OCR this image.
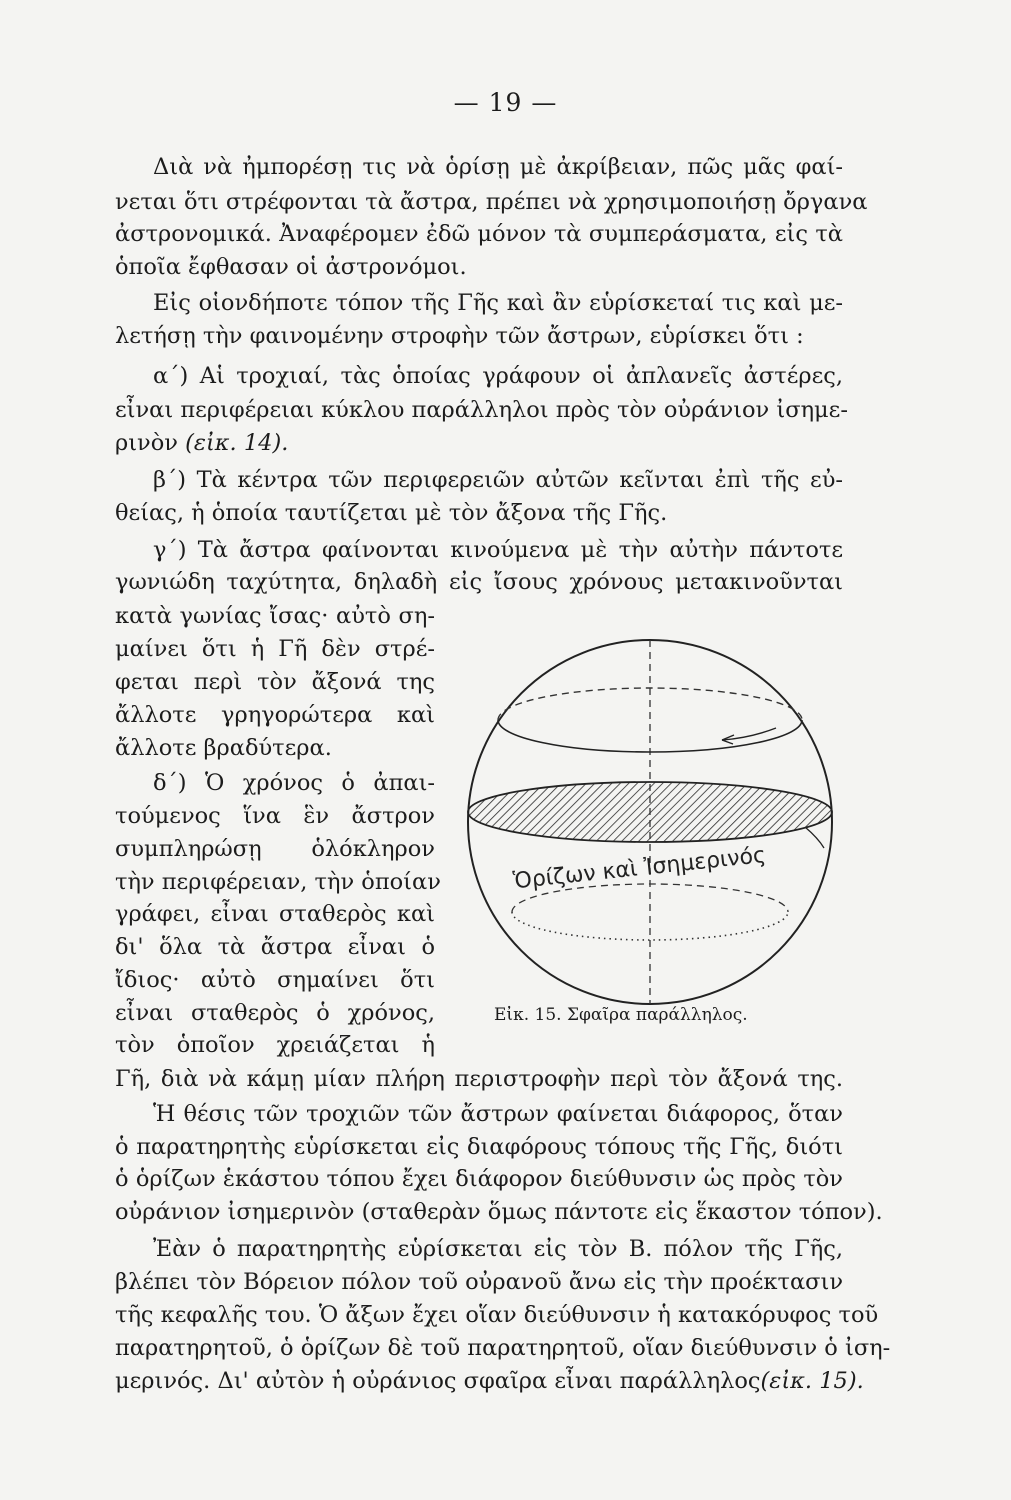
— 19 —
Διὰ νὰ ἠμπορέσῃ τις νὰ ὁρίσῃ μὲ ἀκρίβειαν, πῶς μᾶς φαί-
νεται ὅτι στρέφονται τὰ ἄστρα, πρέπει νὰ χρησιμοποιήσῃ ὄργανα
ἀστρονομικά. Ἀναφέρομεν ἐδῶ μόνον τὰ συμπεράσματα, εἰς τὰ
ὁποῖα ἔφθασαν οἱ ἀστρονόμοι.
Εἰς οἱονδήποτε τόπον τῆς Γῆς καὶ ἂν εὑρίσκεταί τις καὶ με-
λετήσῃ τὴν φαινομένην στροφὴν τῶν ἄστρων, εὑρίσκει ὅτι :
α΄) Αἱ τροχιαί, τὰς ὁποίας γράφουν οἱ ἀπλανεῖς ἀστέρες,
εἶναι περιφέρειαι κύκλου παράλληλοι πρὸς τὸν οὐράνιον ἰσημε-
ρινὸν (εἰκ. 14).
β΄) Τὰ κέντρα τῶν περιφερειῶν αὐτῶν κεῖνται ἐπὶ τῆς εὐ-
θείας, ἡ ὁποία ταυτίζεται μὲ τὸν ἄξονα τῆς Γῆς.
γ΄) Τὰ ἄστρα φαίνονται κινούμενα μὲ τὴν αὐτὴν πάντοτε
γωνιώδη ταχύτητα, δηλαδὴ εἰς ἴσους χρόνους μετακινοῦνται
κατὰ γωνίας ἴσας· αὐτὸ ση-
μαίνει ὅτι ἡ Γῆ δὲν στρέ-
φεται περὶ τὸν ἄξονά της
ἄλλοτε γρηγορώτερα καὶ
ἄλλοτε βραδύτερα.
δ΄) Ὁ χρόνος ὁ ἀπαι-
τούμενος ἵνα ἓν ἄστρον
συμπληρώσῃ ὁλόκληρον
τὴν περιφέρειαν, τὴν ὁποίαν
γράφει, εἶναι σταθερὸς καὶ
δι' ὅλα τὰ ἄστρα εἶναι ὁ
ἴδιος· αὐτὸ σημαίνει ὅτι
εἶναι σταθερὸς ὁ χρόνος,
τὸν ὁποῖον χρειάζεται ἡ
Γῆ, διὰ νὰ κάμῃ μίαν πλήρη περιστροφὴν περὶ τὸν ἄξονά της.
Ἡ θέσις τῶν τροχιῶν τῶν ἄστρων φαίνεται διάφορος, ὅταν
ὁ παρατηρητὴς εὑρίσκεται εἰς διαφόρους τόπους τῆς Γῆς, διότι
ὁ ὁρίζων ἑκάστου τόπου ἔχει διάφορον διεύθυνσιν ὡς πρὸς τὸν
οὐράνιον ἰσημερινὸν (σταθερὰν ὅμως πάντοτε εἰς ἕκαστον τόπον).
Ἐὰν ὁ παρατηρητὴς εὑρίσκεται εἰς τὸν Β. πόλον τῆς Γῆς,
βλέπει τὸν Βόρειον πόλον τοῦ οὐρανοῦ ἄνω εἰς τὴν προέκτασιν
τῆς κεφαλῆς του. Ὁ ἄξων ἔχει οἵαν διεύθυνσιν ἡ κατακόρυφος τοῦ
παρατηρητοῦ, ὁ ὁρίζων δὲ τοῦ παρατηρητοῦ, οἵαν διεύθυνσιν ὁ ἰση-
μερινός. Δι' αὐτὸν ἡ οὐράνιος σφαῖρα εἶναι παράλληλος (εἰκ. 15).
Ὁρίζων καὶ Ἰσημερινός
Εἰκ. 15. Σφαῖρα παράλληλος.
